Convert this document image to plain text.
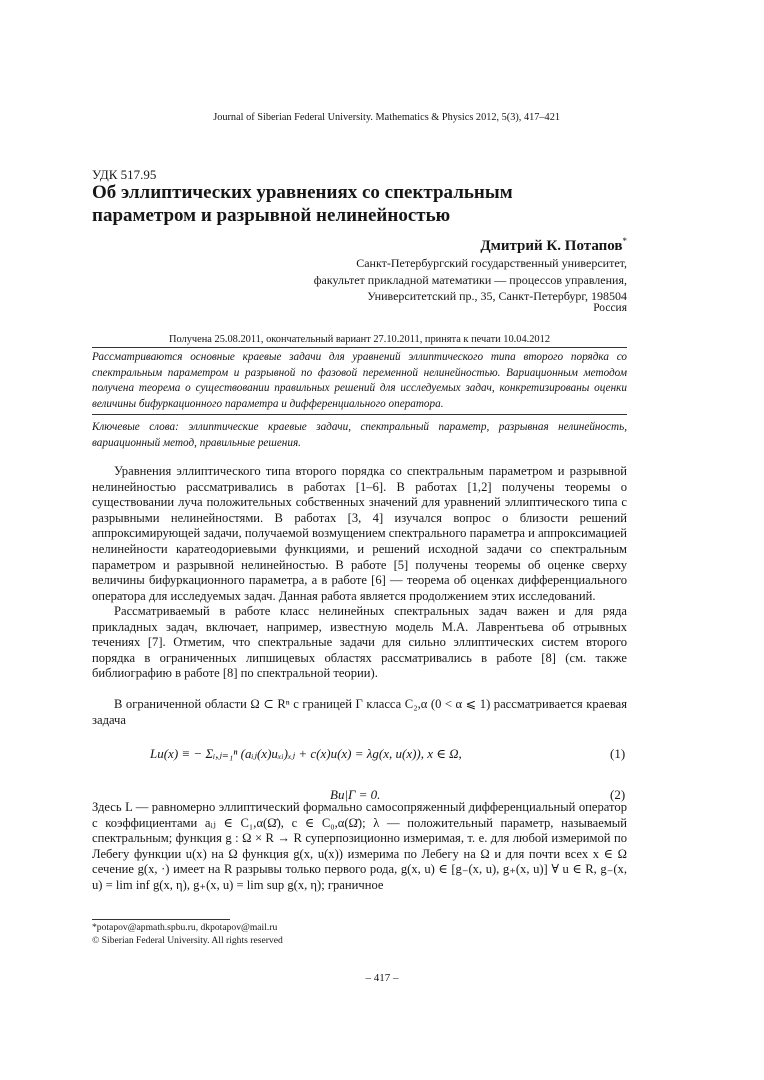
Journal of Siberian Federal University. Mathematics & Physics 2012, 5(3), 417–421
УДК 517.95
Об эллиптических уравнениях со спектральным
параметром и разрывной нелинейностью
Дмитрий К. Потапов*
Санкт-Петербургский государственный университет,
факультет прикладной математики — процессов управления,
Университетский пр., 35, Санкт-Петербург, 198504
Россия
Получена 25.08.2011, окончательный вариант 27.10.2011, принята к печати 10.04.2012
Рассматриваются основные краевые задачи для уравнений эллиптического типа второго порядка со спектральным параметром и разрывной по фазовой переменной нелинейностью. Вариационным методом получена теорема о существовании правильных решений для исследуемых задач, конкретизированы оценки величины бифуркационного параметра и дифференциального оператора.
Ключевые слова: эллиптические краевые задачи, спектральный параметр, разрывная нелинейность, вариационный метод, правильные решения.

Уравнения эллиптического типа второго порядка со спектральным параметром и разрывной нелинейностью рассматривались в работах [1–6]. В работах [1,2] получены теоремы о существовании луча положительных собственных значений для уравнений эллиптического типа с разрывными нелинейностями. В работах [3, 4] изучался вопрос о близости решений аппроксимирующей задачи, получаемой возмущением спектрального параметра и аппроксимацией нелинейности каратеодориевыми функциями, и решений исходной задачи со спектральным параметром и разрывной нелинейностью. В работе [5] получены теоремы об оценке сверху величины бифуркационного параметра, а в работе [6] — теорема об оценках дифференциального оператора для исследуемых задач. Данная работа является продолжением этих исследований.

Рассматриваемый в работе класс нелинейных спектральных задач важен и для ряда прикладных задач, включает, например, известную модель М.А. Лаврентьева об отрывных течениях [7]. Отметим, что спектральные задачи для сильно эллиптических систем второго порядка в ограниченных липшицевых областях рассматривались в работе [8] (см. также библиографию в работе [8] по спектральной теории).

В ограниченной области Ω ⊂ Rⁿ с границей Γ класса C₂,α (0 < α ⩽ 1) рассматривается краевая задача

Lu(x) ≡ − Σᵢ,ⱼ₌₁ⁿ (aᵢⱼ(x)uₓᵢ)ₓⱼ + c(x)u(x) = λg(x, u(x)), x ∈ Ω,	(1)
Bu|Γ = 0.	(2)

Здесь L — равномерно эллиптический формально самосопряженный дифференциальный оператор с коэффициентами aᵢⱼ ∈ C₁,α(Ω̄), c ∈ C₀,α(Ω̄); λ — положительный параметр, называемый спектральным; функция g : Ω × R → R суперпозиционно измеримая, т. е. для любой измеримой по Лебегу функции u(x) на Ω функция g(x, u(x)) измерима по Лебегу на Ω и для почти всех x ∈ Ω сечение g(x, ·) имеет на R разрывы только первого рода, g(x, u) ∈ [g₋(x, u), g₊(x, u)] ∀ u ∈ R, g₋(x, u) = lim inf g(x, η), g₊(x, u) = lim sup g(x, η); граничное

*potapov@apmath.spbu.ru, dkpotapov@mail.ru
© Siberian Federal University. All rights reserved
– 417 –
